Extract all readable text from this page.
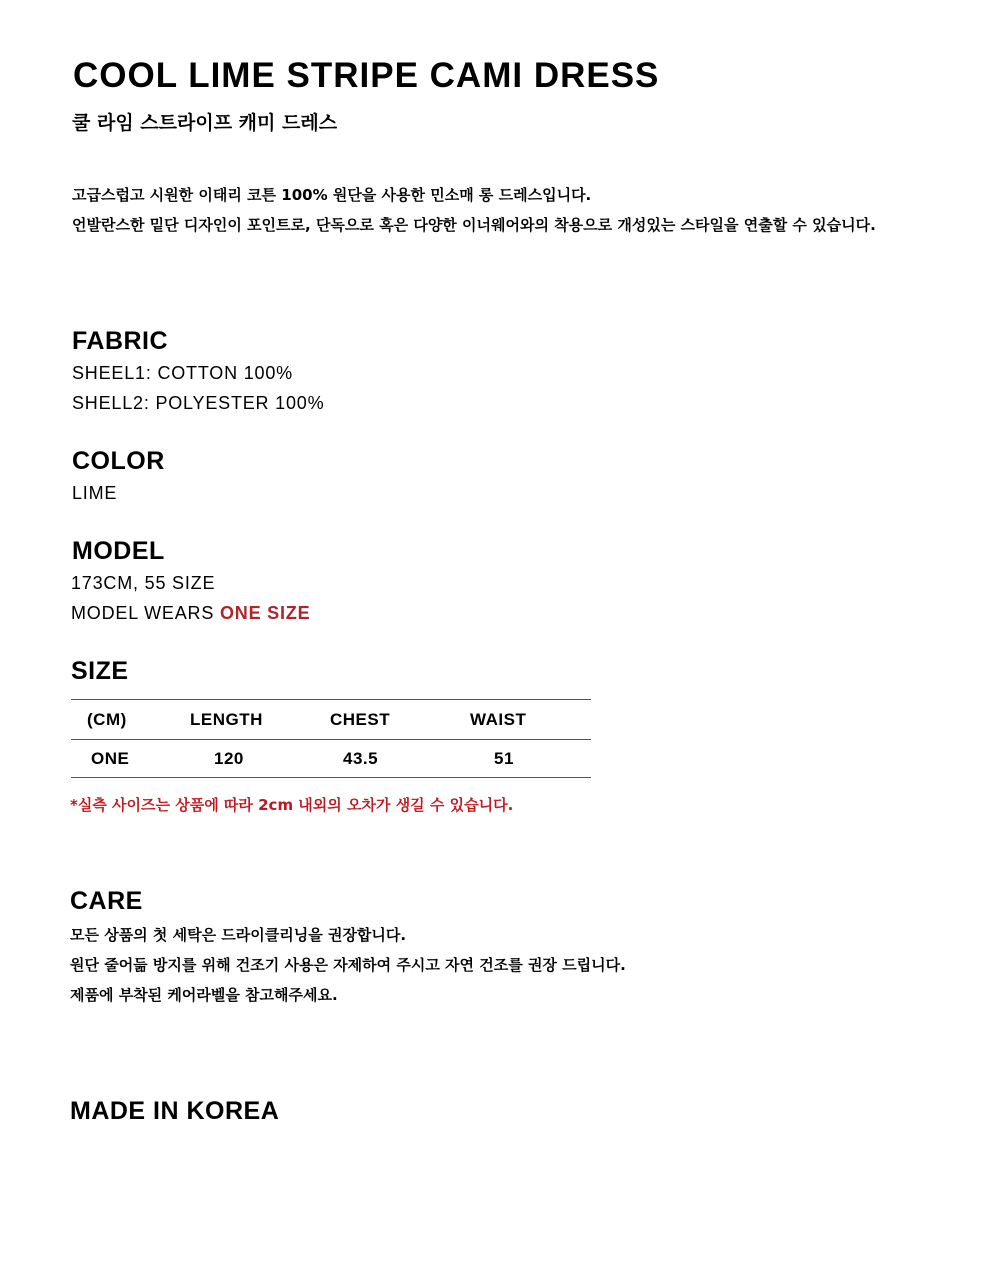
COOL LIME STRIPE CAMI DRESS
쿨 라임 스트라이프 캐미 드레스
고급스럽고 시원한 이태리 코튼 100% 원단을 사용한 민소매 롱 드레스입니다.
언발란스한 밑단 디자인이 포인트로, 단독으로 혹은 다양한 이너웨어와의 착용으로 개성있는 스타일을 연출할 수 있습니다.
FABRIC
SHEEL1: COTTON 100%
SHELL2: POLYESTER 100%
COLOR
LIME
MODEL
173CM, 55 SIZE
MODEL WEARS ONE SIZE
SIZE
(CM)	LENGTH	CHEST	WAIST
ONE	120	43.5	51
*실측 사이즈는 상품에 따라 2cm 내외의 오차가 생길 수 있습니다.
CARE
모든 상품의 첫 세탁은 드라이클리닝을 권장합니다.
원단 줄어듦 방지를 위해 건조기 사용은 자제하여 주시고 자연 건조를 권장 드립니다.
제품에 부착된 케어라벨을 참고해주세요.
MADE IN KOREA
